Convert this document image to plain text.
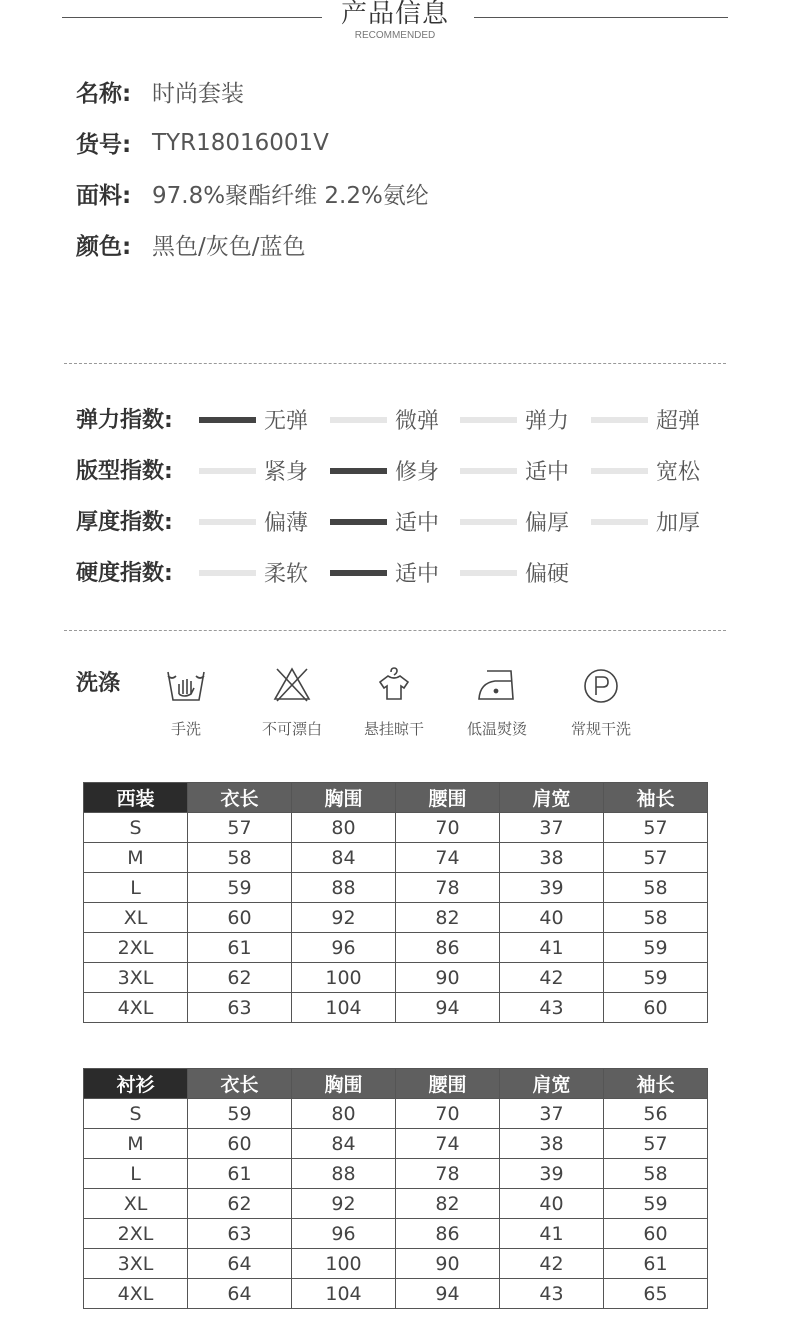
产品信息
RECOMMENDED
名称: 时尚套装
货号: TYR18016001V
面料: 97.8%聚酯纤维 2.2%氨纶
颜色: 黑色/灰色/蓝色
弹力指数:	无弹	微弹	弹力	超弹
版型指数:	紧身	修身	适中	宽松
厚度指数:	偏薄	适中	偏厚	加厚
硬度指数:	柔软	适中	偏硬
洗涤
手洗	不可漂白	悬挂晾干	低温熨烫	常规干洗
西装	衣长	胸围	腰围	肩宽	袖长
S	57	80	70	37	57
M	58	84	74	38	57
L	59	88	78	39	58
XL	60	92	82	40	58
2XL	61	96	86	41	59
3XL	62	100	90	42	59
4XL	63	104	94	43	60
衬衫	衣长	胸围	腰围	肩宽	袖长
S	59	80	70	37	56
M	60	84	74	38	57
L	61	88	78	39	58
XL	62	92	82	40	59
2XL	63	96	86	41	60
3XL	64	100	90	42	61
4XL	64	104	94	43	65
